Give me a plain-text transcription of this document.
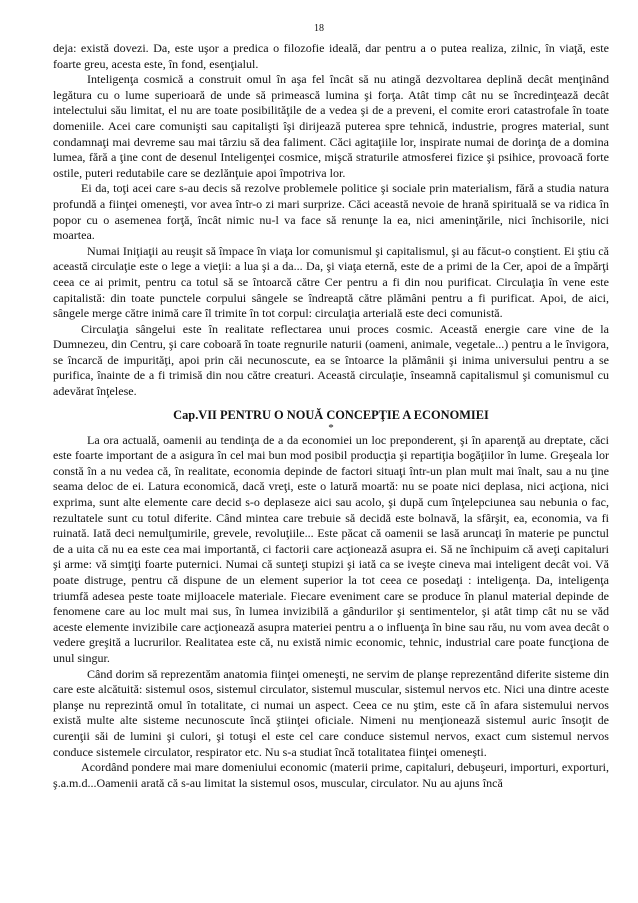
18

deja: există dovezi. Da, este uşor a predica o filozofie ideală, dar pentru a o putea realiza, zilnic, în viaţă, este foarte greu, acesta este, în fond, esenţialul.

Inteligenţa cosmică a construit omul în aşa fel încât să nu atingă dezvoltarea deplină decât menţinând legătura cu o lume superioară de unde să primească lumina şi forţa. Atât timp cât nu se încredinţează decât intelectului său limitat, el nu are toate posibilităţile de a vedea şi de a preveni, el comite erori catastrofale în toate domeniile. Acei care comunişti sau capitalişti îşi dirijează puterea spre tehnică, industrie, progres material, sunt condamnaţi mai devreme sau mai târziu să dea faliment. Căci agitaţiile lor, inspirate numai de dorinţa de a domina lumea, fără a ţine cont de desenul Inteligenţei cosmice, mişcă straturile atmosferei fizice şi psihice, provoacă forte ostile, puteri redutabile care se dezlănţuie apoi împotriva lor.

Ei da, toţi acei care s-au decis să rezolve problemele politice şi sociale prin materialism, fără a studia natura profundă a fiinţei omeneşti, vor avea într-o zi mari surprize. Căci această nevoie de hrană spirituală se va ridica în popor cu o asemenea forţă, încât nimic nu-l va face să renunţe la ea, nici ameninţările, nici închisorile, nici moartea.

Numai Iniţiaţii au reuşit să împace în viaţa lor comunismul şi capitalismul, şi au făcut-o conştient. Ei ştiu că această circulaţie este o lege a vieţii: a lua şi a da... Da, şi viaţa eternă, este de a primi de la Cer, apoi de a împărţi ceea ce ai primit, pentru ca totul să se întoarcă către Cer pentru a fi din nou purificat. Circulaţia în vene este capitalistă: din toate punctele corpului sângele se îndreaptă către plămâni pentru a fi purificat. Apoi, de aici, sângele merge către inimă care îl trimite în tot corpul: circulaţia arterială este deci comunistă.

Circulaţia sângelui este în realitate reflectarea unui proces cosmic. Această energie care vine de la Dumnezeu, din Centru, şi care coboară în toate regnurile naturii (oameni, animale, vegetale...) pentru a le învigora, se încarcă de impurităţi, apoi prin căi necunoscute, ea se întoarce la plămânii şi inima universului pentru a se purifica, înainte de a fi trimisă din nou către creaturi. Această circulaţie, înseamnă capitalismul şi comunismul cu adevărat înţelese.

Cap.VII PENTRU O NOUĂ CONCEPŢIE A ECONOMIEI
*

La ora actuală, oamenii au tendinţa de a da economiei un loc preponderent, şi în aparenţă au dreptate, căci este foarte important de a asigura în cel mai bun mod posibil producţia şi repartiţia bogăţiilor în lume. Greşeala lor constă în a nu vedea că, în realitate, economia depinde de factori situaţi într-un plan mult mai înalt, sau a nu ţine seama deloc de ei. Latura economică, dacă vreţi, este o latură moartă: nu se poate nici deplasa, nici acţiona, nici exprima, sunt alte elemente care decid s-o deplaseze aici sau acolo, şi după cum înţelepciunea sau nebunia o fac, rezultatele sunt cu totul diferite. Când mintea care trebuie să decidă este bolnavă, la sfârşit, ea, economia, va fi ruinată. Iată deci nemulţumirile, grevele, revoluţiile... Este păcat că oamenii se lasă aruncaţi în materie pe punctul de a uita că nu ea este cea mai importantă, ci factorii care acţionează asupra ei. Să ne închipuim că aveţi capitaluri şi arme: vă simţiţi foarte puternici. Numai că sunteţi stupizi şi iată ca se iveşte cineva mai inteligent decât voi. Vă poate distruge, pentru că dispune de un element superior la tot ceea ce posedaţi : inteligenţa. Da, inteligenţa triumfă adesea peste toate mijloacele materiale. Fiecare eveniment care se produce în planul material depinde de fenomene care au loc mult mai sus, în lumea invizibilă a gândurilor şi sentimentelor, şi atât timp cât nu se văd aceste elemente invizibile care acţionează asupra materiei pentru a o influenţa în bine sau rău, nu vom avea decât o vedere greşită a lucrurilor. Realitatea este că, nu există nimic economic, tehnic, industrial care poate funcţiona de unul singur.

Când dorim să reprezentăm anatomia fiinţei omeneşti, ne servim de planşe reprezentând diferite sisteme din care este alcătuită: sistemul osos, sistemul circulator, sistemul muscular, sistemul nervos etc. Nici una dintre aceste planşe nu reprezintă omul în totalitate, ci numai un aspect. Ceea ce nu ştim, este că în afara sistemului nervos există multe alte sisteme necunoscute încă ştiinţei oficiale. Nimeni nu menţionează sistemul auric însoţit de curenţii săi de lumini şi culori, şi totuşi el este cel care conduce sistemul nervos, exact cum sistemul nervos conduce sistemele circulator, respirator etc. Nu s-a studiat încă totalitatea fiinţei omeneşti.

Acordând pondere mai mare domeniului economic (materii prime, capitaluri, debuşeuri, importuri, exporturi, ş.a.m.d...Oamenii arată că s-au limitat la sistemul osos, muscular, circulator. Nu au ajuns încă
